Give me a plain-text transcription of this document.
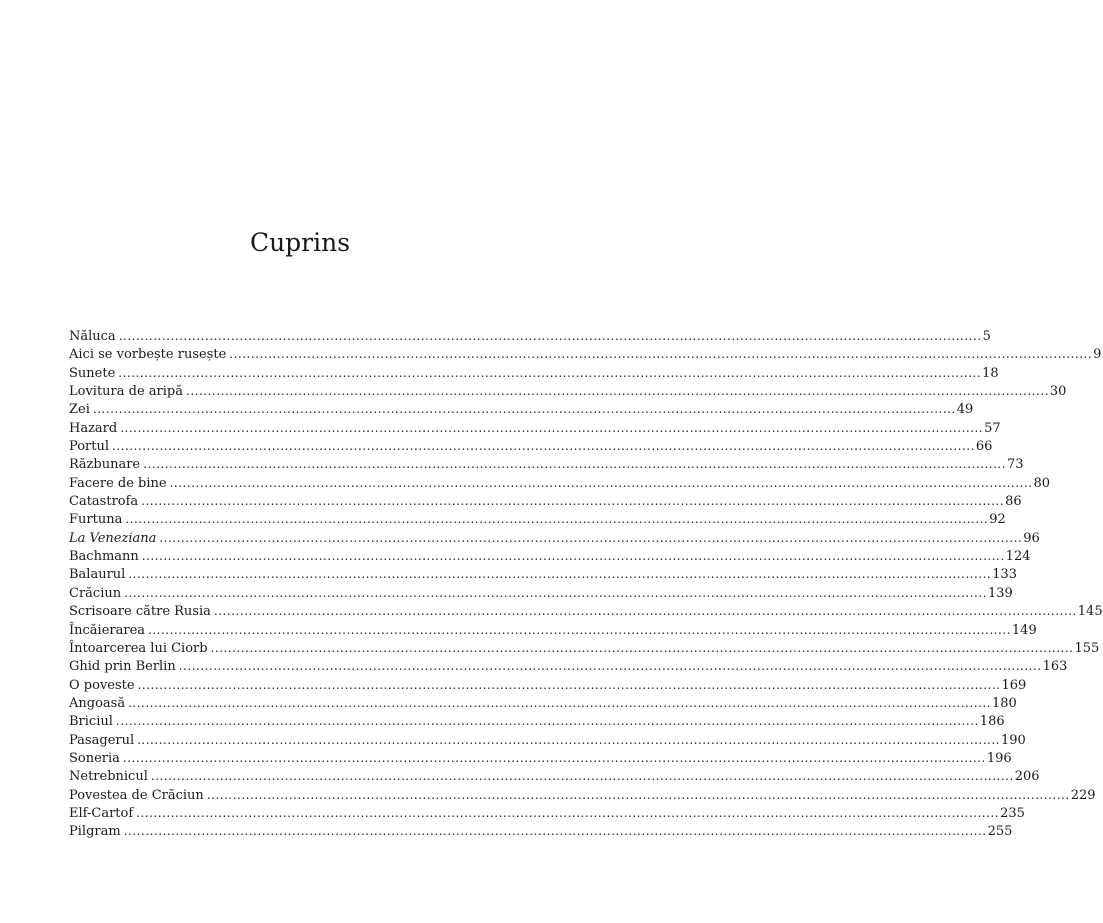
Cuprins
Năluca ........................................................................................................................................................................................................ 5
Aici se vorbește rusește ........................................................................................................................................................................................................ 9
Sunete ........................................................................................................................................................................................................ 18
Lovitura de aripă ........................................................................................................................................................................................................ 30
Zei ........................................................................................................................................................................................................ 49
Hazard ........................................................................................................................................................................................................ 57
Portul ........................................................................................................................................................................................................ 66
Răzbunare ........................................................................................................................................................................................................ 73
Facere de bine ........................................................................................................................................................................................................ 80
Catastrofa ........................................................................................................................................................................................................ 86
Furtuna ........................................................................................................................................................................................................ 92
La Veneziana ........................................................................................................................................................................................................ 96
Bachmann ........................................................................................................................................................................................................ 124
Balaurul ........................................................................................................................................................................................................ 133
Crăciun ........................................................................................................................................................................................................ 139
Scrisoare către Rusia ........................................................................................................................................................................................................ 145
Încăierarea ........................................................................................................................................................................................................ 149
Întoarcerea lui Ciorb ........................................................................................................................................................................................................ 155
Ghid prin Berlin ........................................................................................................................................................................................................ 163
O poveste ........................................................................................................................................................................................................ 169
Angoasă ........................................................................................................................................................................................................ 180
Briciul ........................................................................................................................................................................................................ 186
Pasagerul ........................................................................................................................................................................................................ 190
Soneria ........................................................................................................................................................................................................ 196
Netrebnicul ........................................................................................................................................................................................................ 206
Povestea de Crăciun ........................................................................................................................................................................................................ 229
Elf-Cartof ........................................................................................................................................................................................................ 235
Pilgram ........................................................................................................................................................................................................ 255
